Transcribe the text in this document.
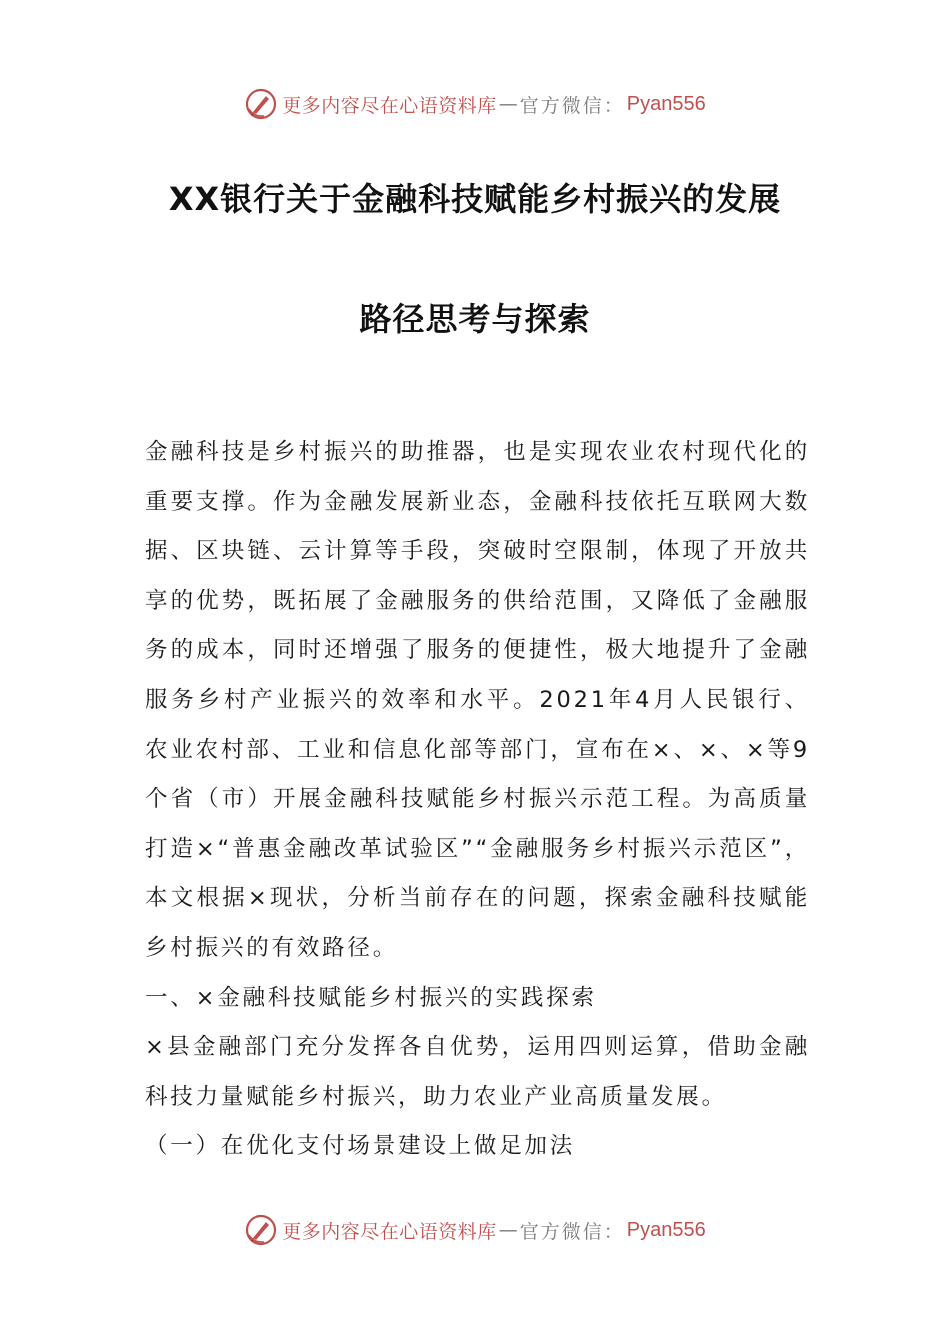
更多内容尽在心语资料库 — 官方微信： Pyan556
XX银行关于金融科技赋能乡村振兴的发展
路径思考与探索

金融科技是乡村振兴的助推器，也是实现农业农村现代化的重要支撑。作为金融发展新业态，金融科技依托互联网大数据、区块链、云计算等手段，突破时空限制，体现了开放共享的优势，既拓展了金融服务的供给范围，又降低了金融服务的成本，同时还增强了服务的便捷性，极大地提升了金融服务乡村产业振兴的效率和水平。2021年4月人民银行、农业农村部、工业和信息化部等部门，宣布在×、×、×等9个省（市）开展金融科技赋能乡村振兴示范工程。为高质量打造×“普惠金融改革试验区”“金融服务乡村振兴示范区”，本文根据×现状，分析当前存在的问题，探索金融科技赋能乡村振兴的有效路径。

一、×金融科技赋能乡村振兴的实践探索

×县金融部门充分发挥各自优势，运用四则运算，借助金融科技力量赋能乡村振兴，助力农业产业高质量发展。

（一）在优化支付场景建设上做足加法

更多内容尽在心语资料库 — 官方微信： Pyan556
